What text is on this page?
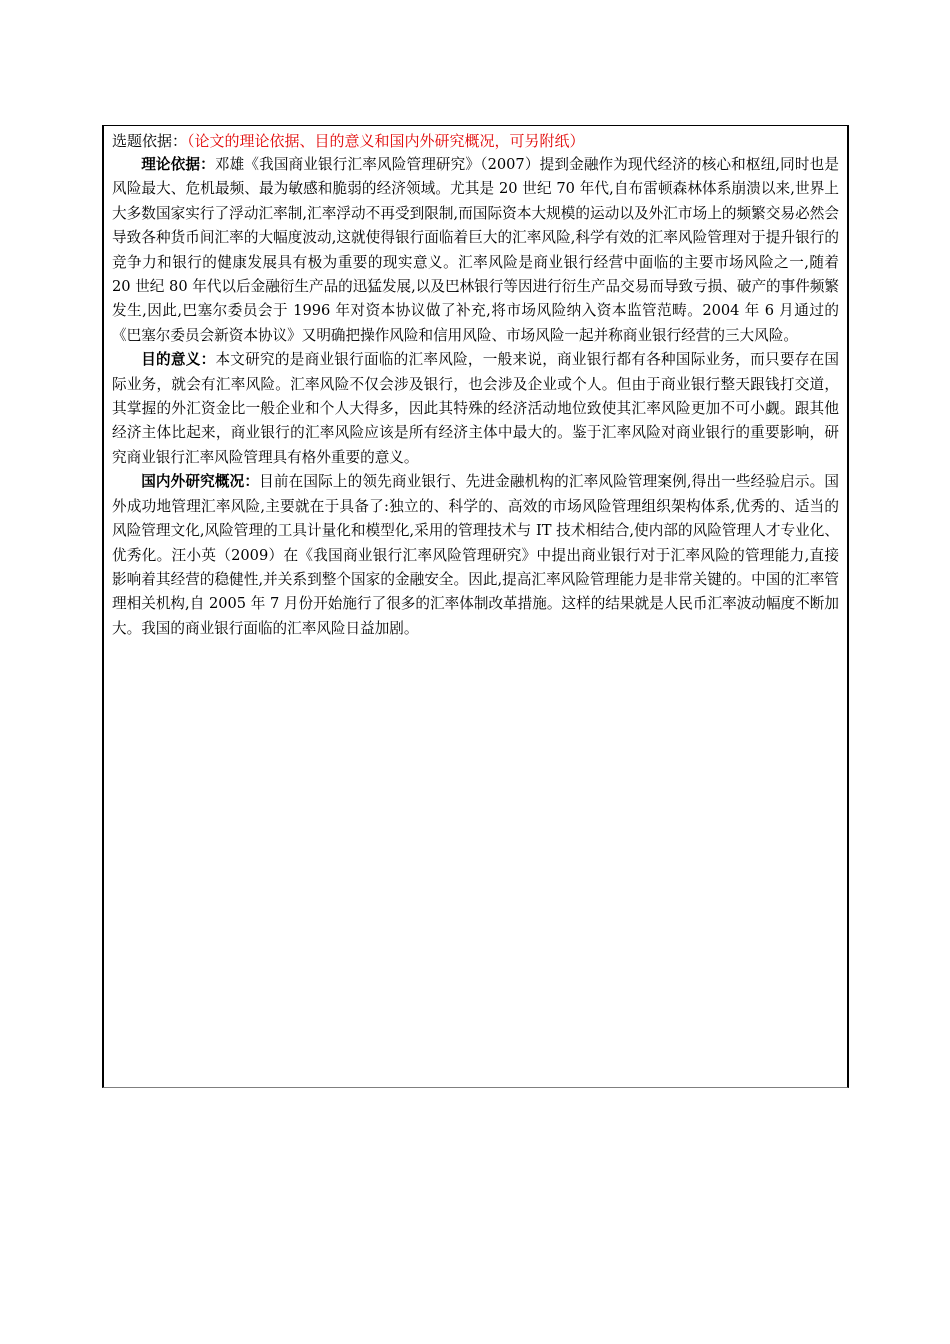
选题依据：（论文的理论依据、目的意义和国内外研究概况，可另附纸）

理论依据：邓雄《我国商业银行汇率风险管理研究》（2007）提到金融作为现代经济的核心和枢纽,同时也是风险最大、危机最频、最为敏感和脆弱的经济领域。尤其是 20 世纪 70 年代,自布雷顿森林体系崩溃以来,世界上大多数国家实行了浮动汇率制,汇率浮动不再受到限制,而国际资本大规模的运动以及外汇市场上的频繁交易必然会导致各种货币间汇率的大幅度波动,这就使得银行面临着巨大的汇率风险,科学有效的汇率风险管理对于提升银行的竞争力和银行的健康发展具有极为重要的现实意义。汇率风险是商业银行经营中面临的主要市场风险之一,随着 20 世纪 80 年代以后金融衍生产品的迅猛发展,以及巴林银行等因进行衍生产品交易而导致亏损、破产的事件频繁发生,因此,巴塞尔委员会于 1996 年对资本协议做了补充,将市场风险纳入资本监管范畴。2004 年 6 月通过的《巴塞尔委员会新资本协议》又明确把操作风险和信用风险、市场风险一起并称商业银行经营的三大风险。

目的意义：本文研究的是商业银行面临的汇率风险，一般来说，商业银行都有各种国际业务，而只要存在国际业务，就会有汇率风险。汇率风险不仅会涉及银行，也会涉及企业或个人。但由于商业银行整天跟钱打交道，其掌握的外汇资金比一般企业和个人大得多，因此其特殊的经济活动地位致使其汇率风险更加不可小觑。跟其他经济主体比起来，商业银行的汇率风险应该是所有经济主体中最大的。鉴于汇率风险对商业银行的重要影响，研究商业银行汇率风险管理具有格外重要的意义。

国内外研究概况：目前在国际上的领先商业银行、先进金融机构的汇率风险管理案例,得出一些经验启示。国外成功地管理汇率风险,主要就在于具备了:独立的、科学的、高效的市场风险管理组织架构体系,优秀的、适当的风险管理文化,风险管理的工具计量化和模型化,采用的管理技术与 IT 技术相结合,使内部的风险管理人才专业化、优秀化。汪小英（2009）在《我国商业银行汇率风险管理研究》中提出商业银行对于汇率风险的管理能力,直接影响着其经营的稳健性,并关系到整个国家的金融安全。因此,提高汇率风险管理能力是非常关键的。中国的汇率管理相关机构,自 2005 年 7 月份开始施行了很多的汇率体制改革措施。这样的结果就是人民币汇率波动幅度不断加大。我国的商业银行面临的汇率风险日益加剧。
